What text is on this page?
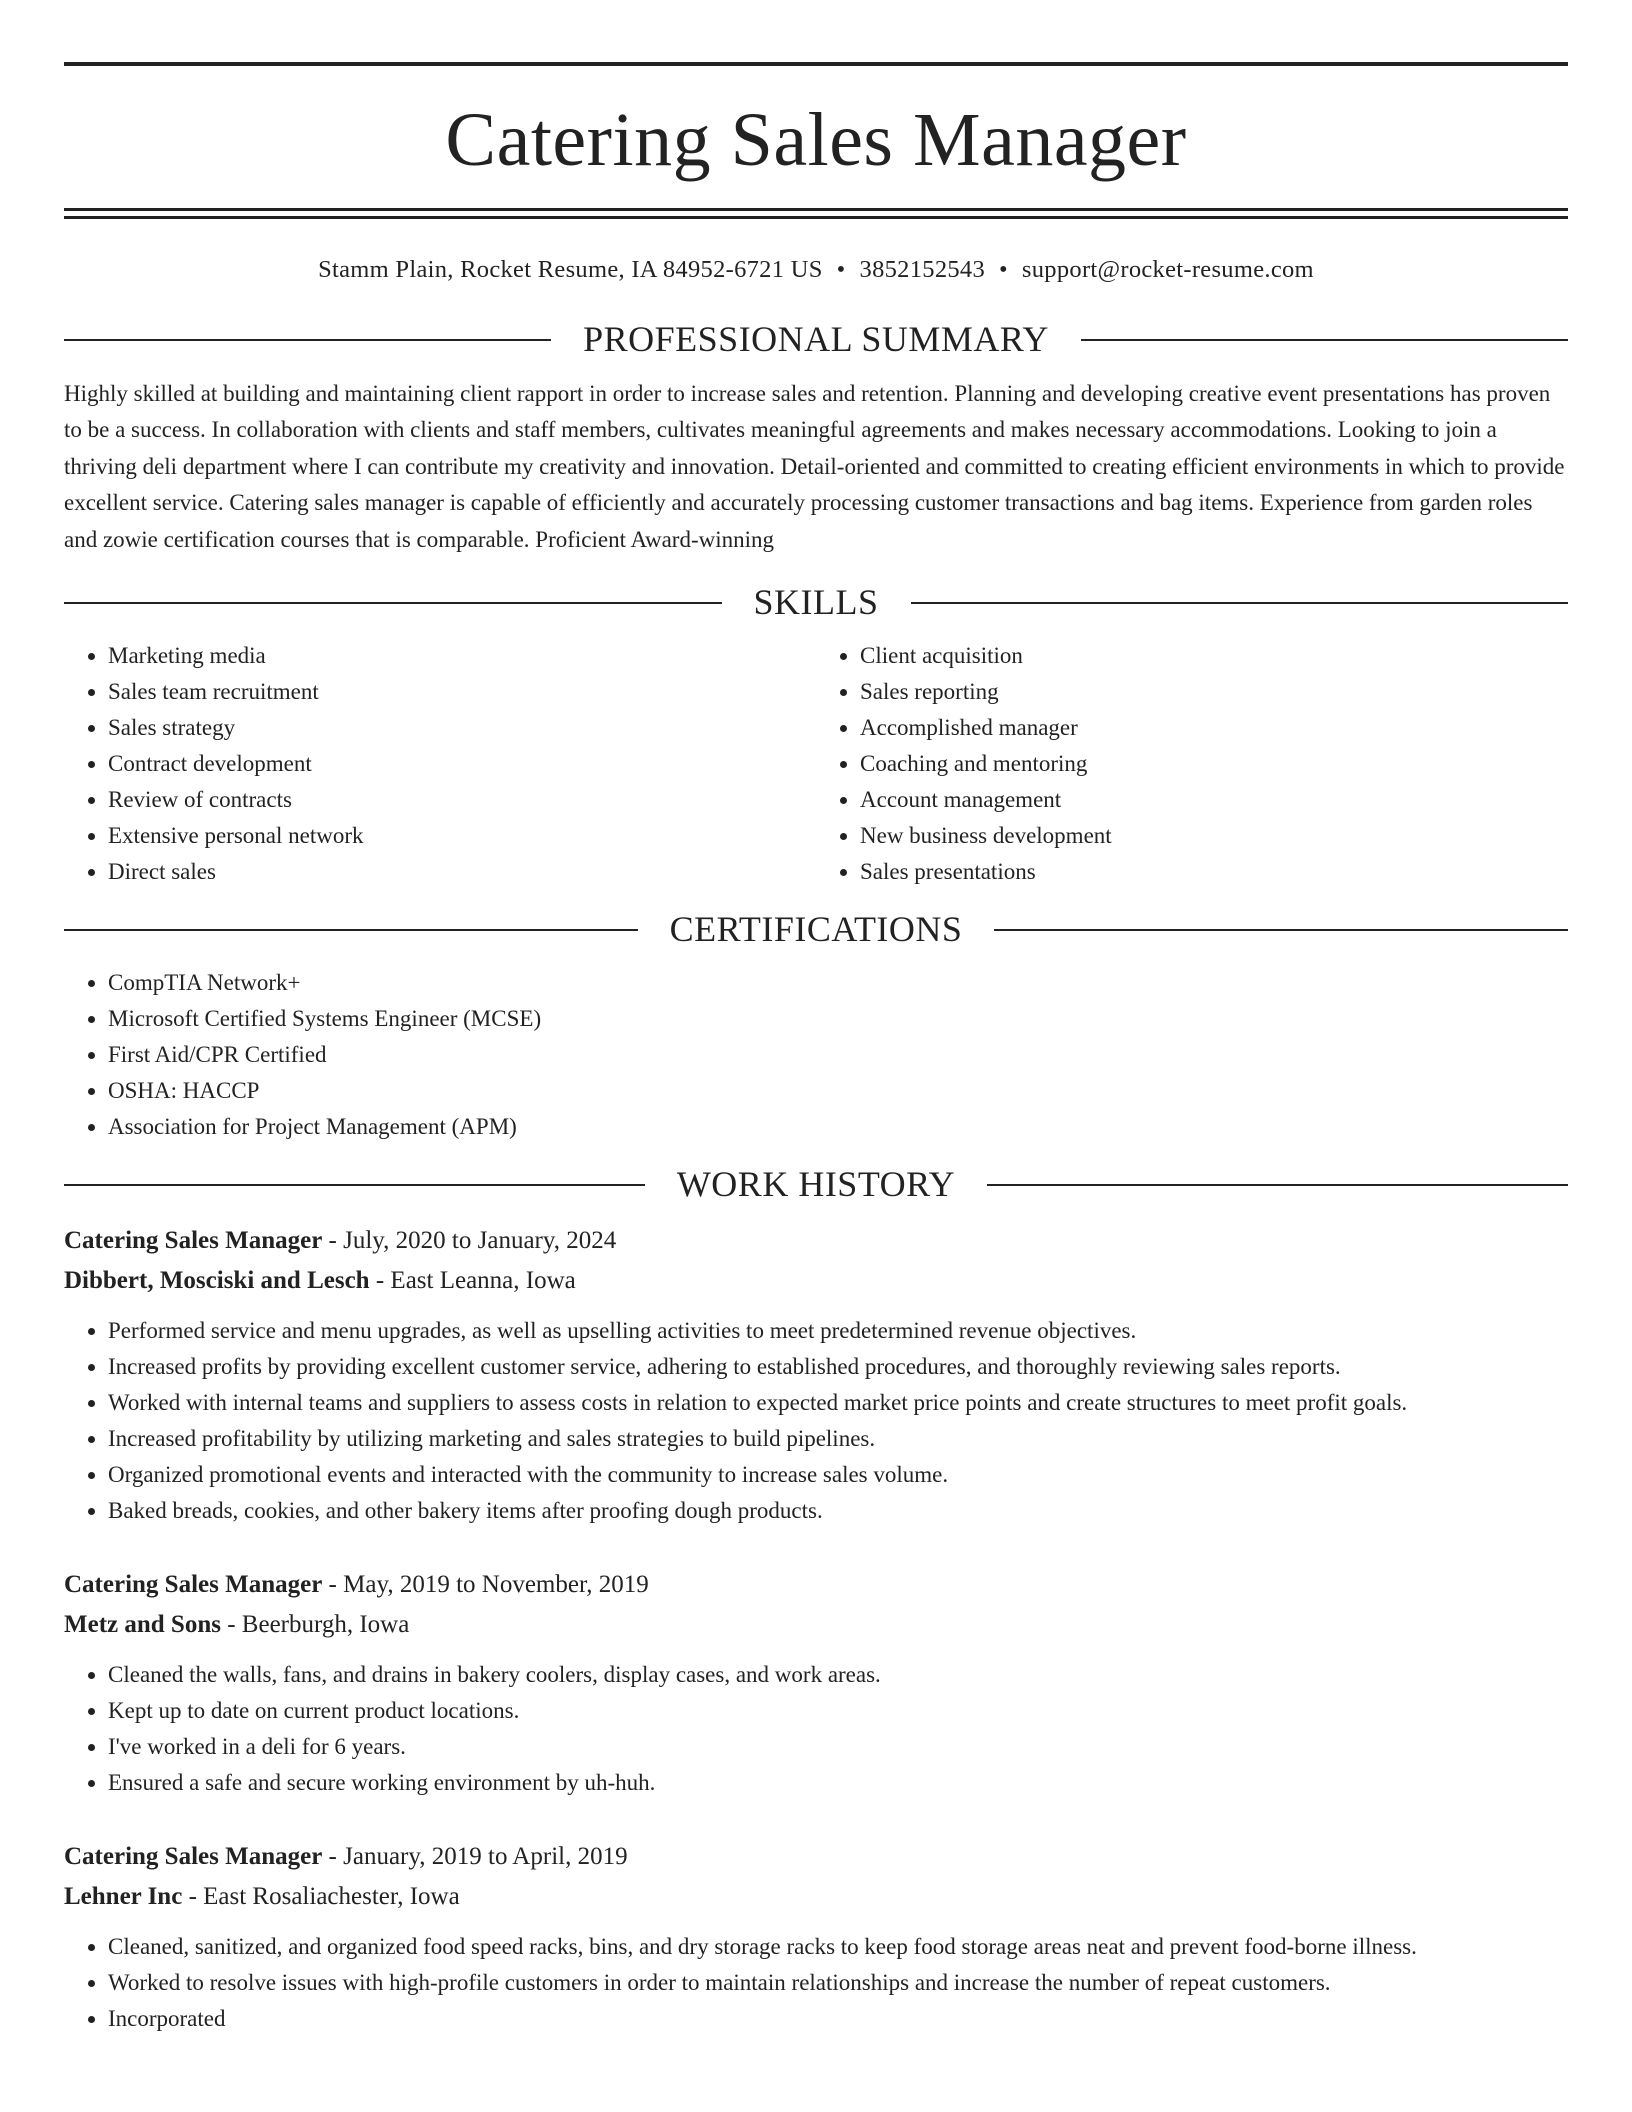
Catering Sales Manager
Stamm Plain, Rocket Resume, IA 84952-6721 US • 3852152543 • support@rocket-resume.com
PROFESSIONAL SUMMARY

Highly skilled at building and maintaining client rapport in order to increase sales and retention. Planning and developing creative event presentations has proven to be a success. In collaboration with clients and staff members, cultivates meaningful agreements and makes necessary accommodations. Looking to join a thriving deli department where I can contribute my creativity and innovation. Detail-oriented and committed to creating efficient environments in which to provide excellent service. Catering sales manager is capable of efficiently and accurately processing customer transactions and bag items. Experience from garden roles and zowie certification courses that is comparable. Proficient Award-winning

SKILLS
• Marketing media
• Sales team recruitment
• Sales strategy
• Contract development
• Review of contracts
• Extensive personal network
• Direct sales
• Client acquisition
• Sales reporting
• Accomplished manager
• Coaching and mentoring
• Account management
• New business development
• Sales presentations
CERTIFICATIONS
• CompTIA Network+
• Microsoft Certified Systems Engineer (MCSE)
• First Aid/CPR Certified
• OSHA: HACCP
• Association for Project Management (APM)
WORK HISTORY
Catering Sales Manager - July, 2020 to January, 2024
Dibbert, Mosciski and Lesch - East Leanna, Iowa
• Performed service and menu upgrades, as well as upselling activities to meet predetermined revenue objectives.
• Increased profits by providing excellent customer service, adhering to established procedures, and thoroughly reviewing sales reports.
• Worked with internal teams and suppliers to assess costs in relation to expected market price points and create structures to meet profit goals.
• Increased profitability by utilizing marketing and sales strategies to build pipelines.
• Organized promotional events and interacted with the community to increase sales volume.
• Baked breads, cookies, and other bakery items after proofing dough products.
Catering Sales Manager - May, 2019 to November, 2019
Metz and Sons - Beerburgh, Iowa
• Cleaned the walls, fans, and drains in bakery coolers, display cases, and work areas.
• Kept up to date on current product locations.
• I've worked in a deli for 6 years.
• Ensured a safe and secure working environment by uh-huh.
Catering Sales Manager - January, 2019 to April, 2019
Lehner Inc - East Rosaliachester, Iowa
• Cleaned, sanitized, and organized food speed racks, bins, and dry storage racks to keep food storage areas neat and prevent food-borne illness.
• Worked to resolve issues with high-profile customers in order to maintain relationships and increase the number of repeat customers.
• Incorporated
